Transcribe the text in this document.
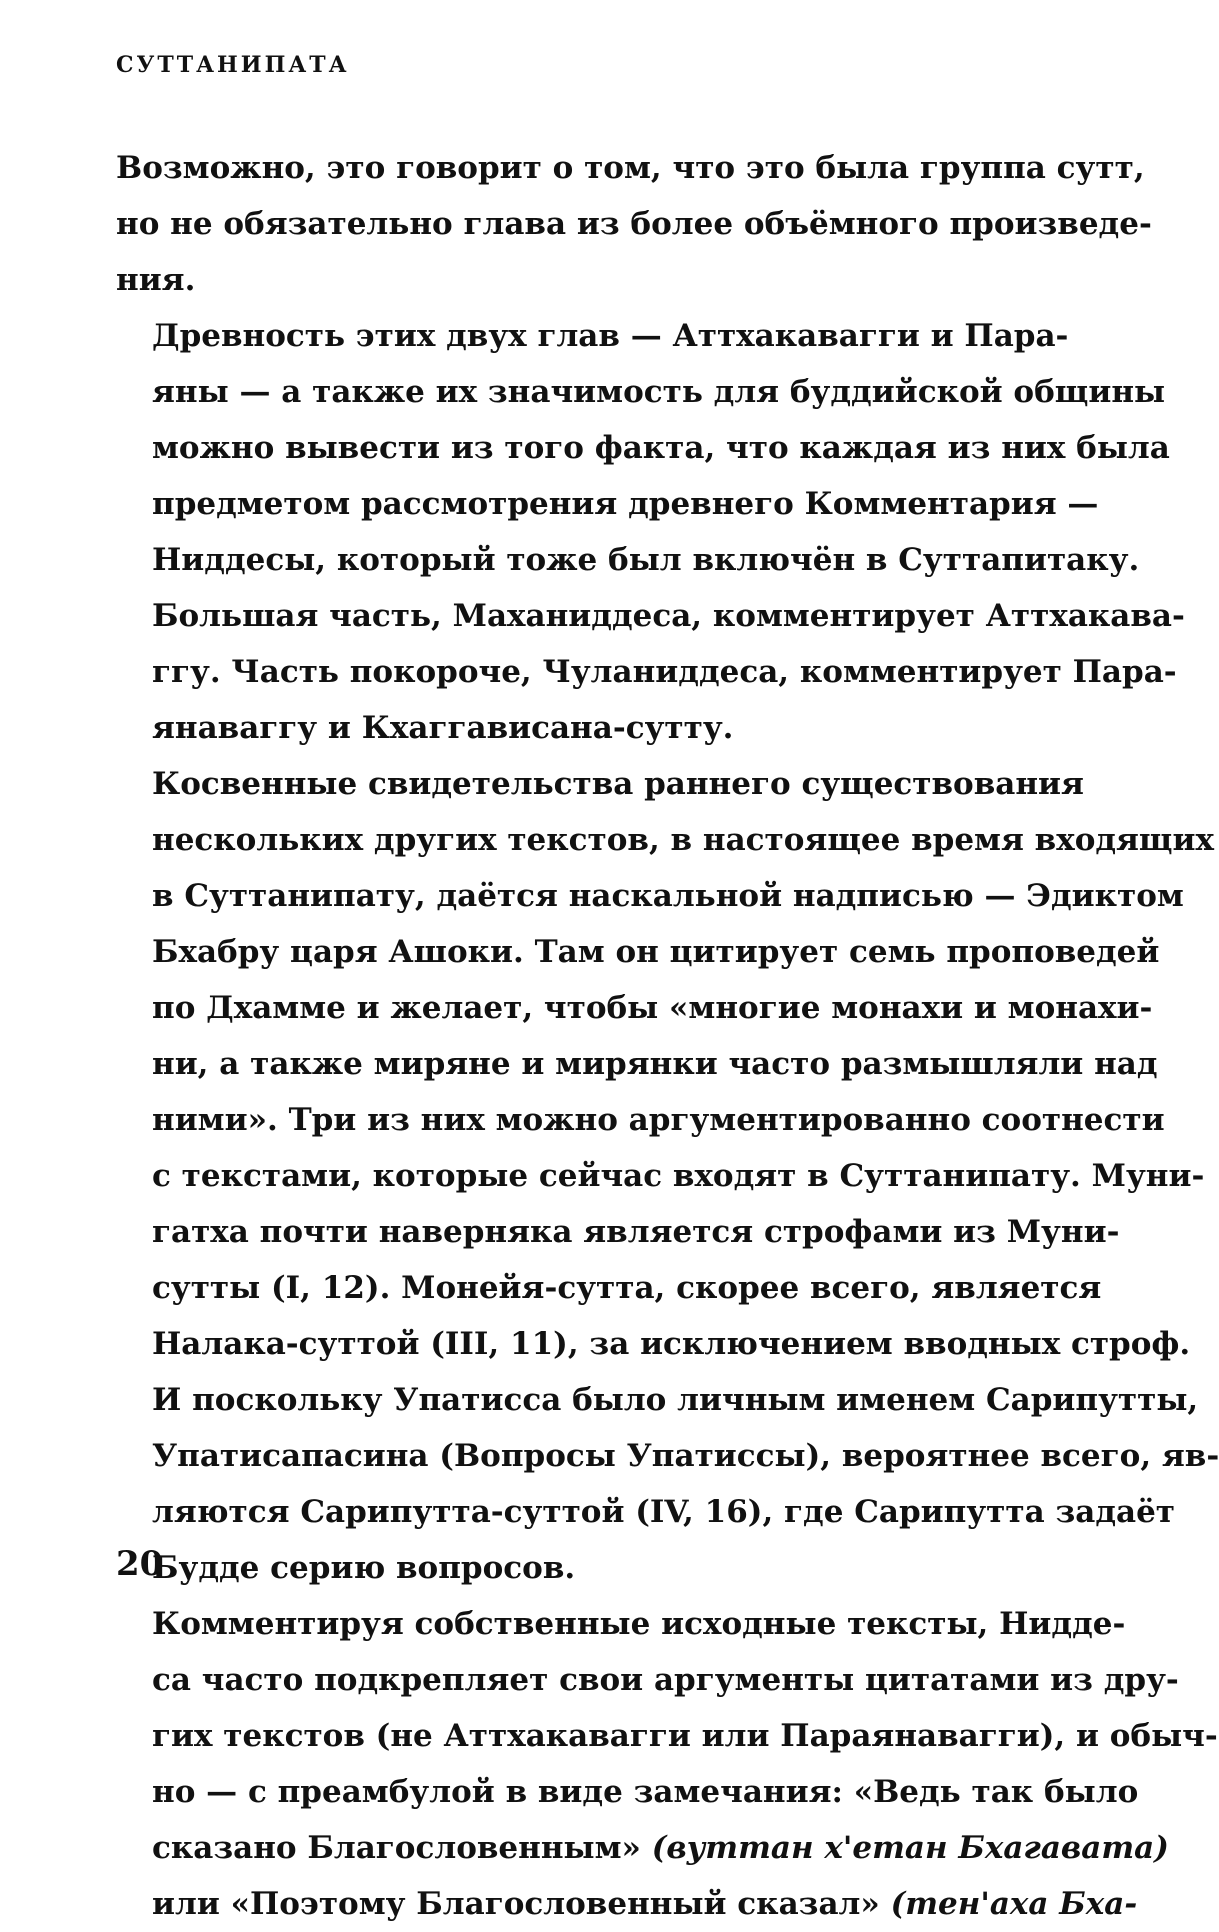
СУТТАНИПАТА
Возможно, это говорит о том, что это была группа сутт,
но не обязательно глава из более объёмного произведе-
ния.
Древность этих двух глав — Аттхакавагги и Пара-
яны — а также их значимость для буддийской общины
можно вывести из того факта, что каждая из них была
предметом рассмотрения древнего Комментария —
Ниддесы, который тоже был включён в Суттапитаку.
Большая часть, Маханиддеса, комментирует Аттхакава-
ггу. Часть покороче, Чуланиддеса, комментирует Пара-
янавaггу и Кхаггависана-сутту.
Косвенные свидетельства раннего существования
нескольких других текстов, в настоящее время входящих
в Суттанипату, даётся наскальной надписью — Эдиктом
Бхабру царя Ашоки. Там он цитирует семь проповедей
по Дхамме и желает, чтобы «многие монахи и монахи-
ни, а также миряне и мирянки часто размышляли над
ними». Три из них можно аргументированно соотнести
с текстами, которые сейчас входят в Суттанипату. Муни-
гатха почти наверняка является строфами из Муни-
сутты (I, 12). Монейя-сутта, скорее всего, является
Налака-суттой (III, 11), за исключением вводных строф.
И поскольку Упатисса было личным именем Сарипутты,
Упатисапасина (Вопросы Упатиссы), вероятнее всего, яв-
ляются Сарипутта-суттой (IV, 16), где Сарипутта задаёт
Будде серию вопросов.
Комментируя собственные исходные тексты, Нидде-
са часто подкрепляет свои аргументы цитатами из дру-
гих текстов (не Аттхакавагги или Параянавагги), и обыч-
но — с преамбулой в виде замечания: «Ведь так было
сказано Благословенным» (вуттан х'етан Бхагавата)
или «Поэтому Благословенный сказал» (тен'аха Бха-
20
